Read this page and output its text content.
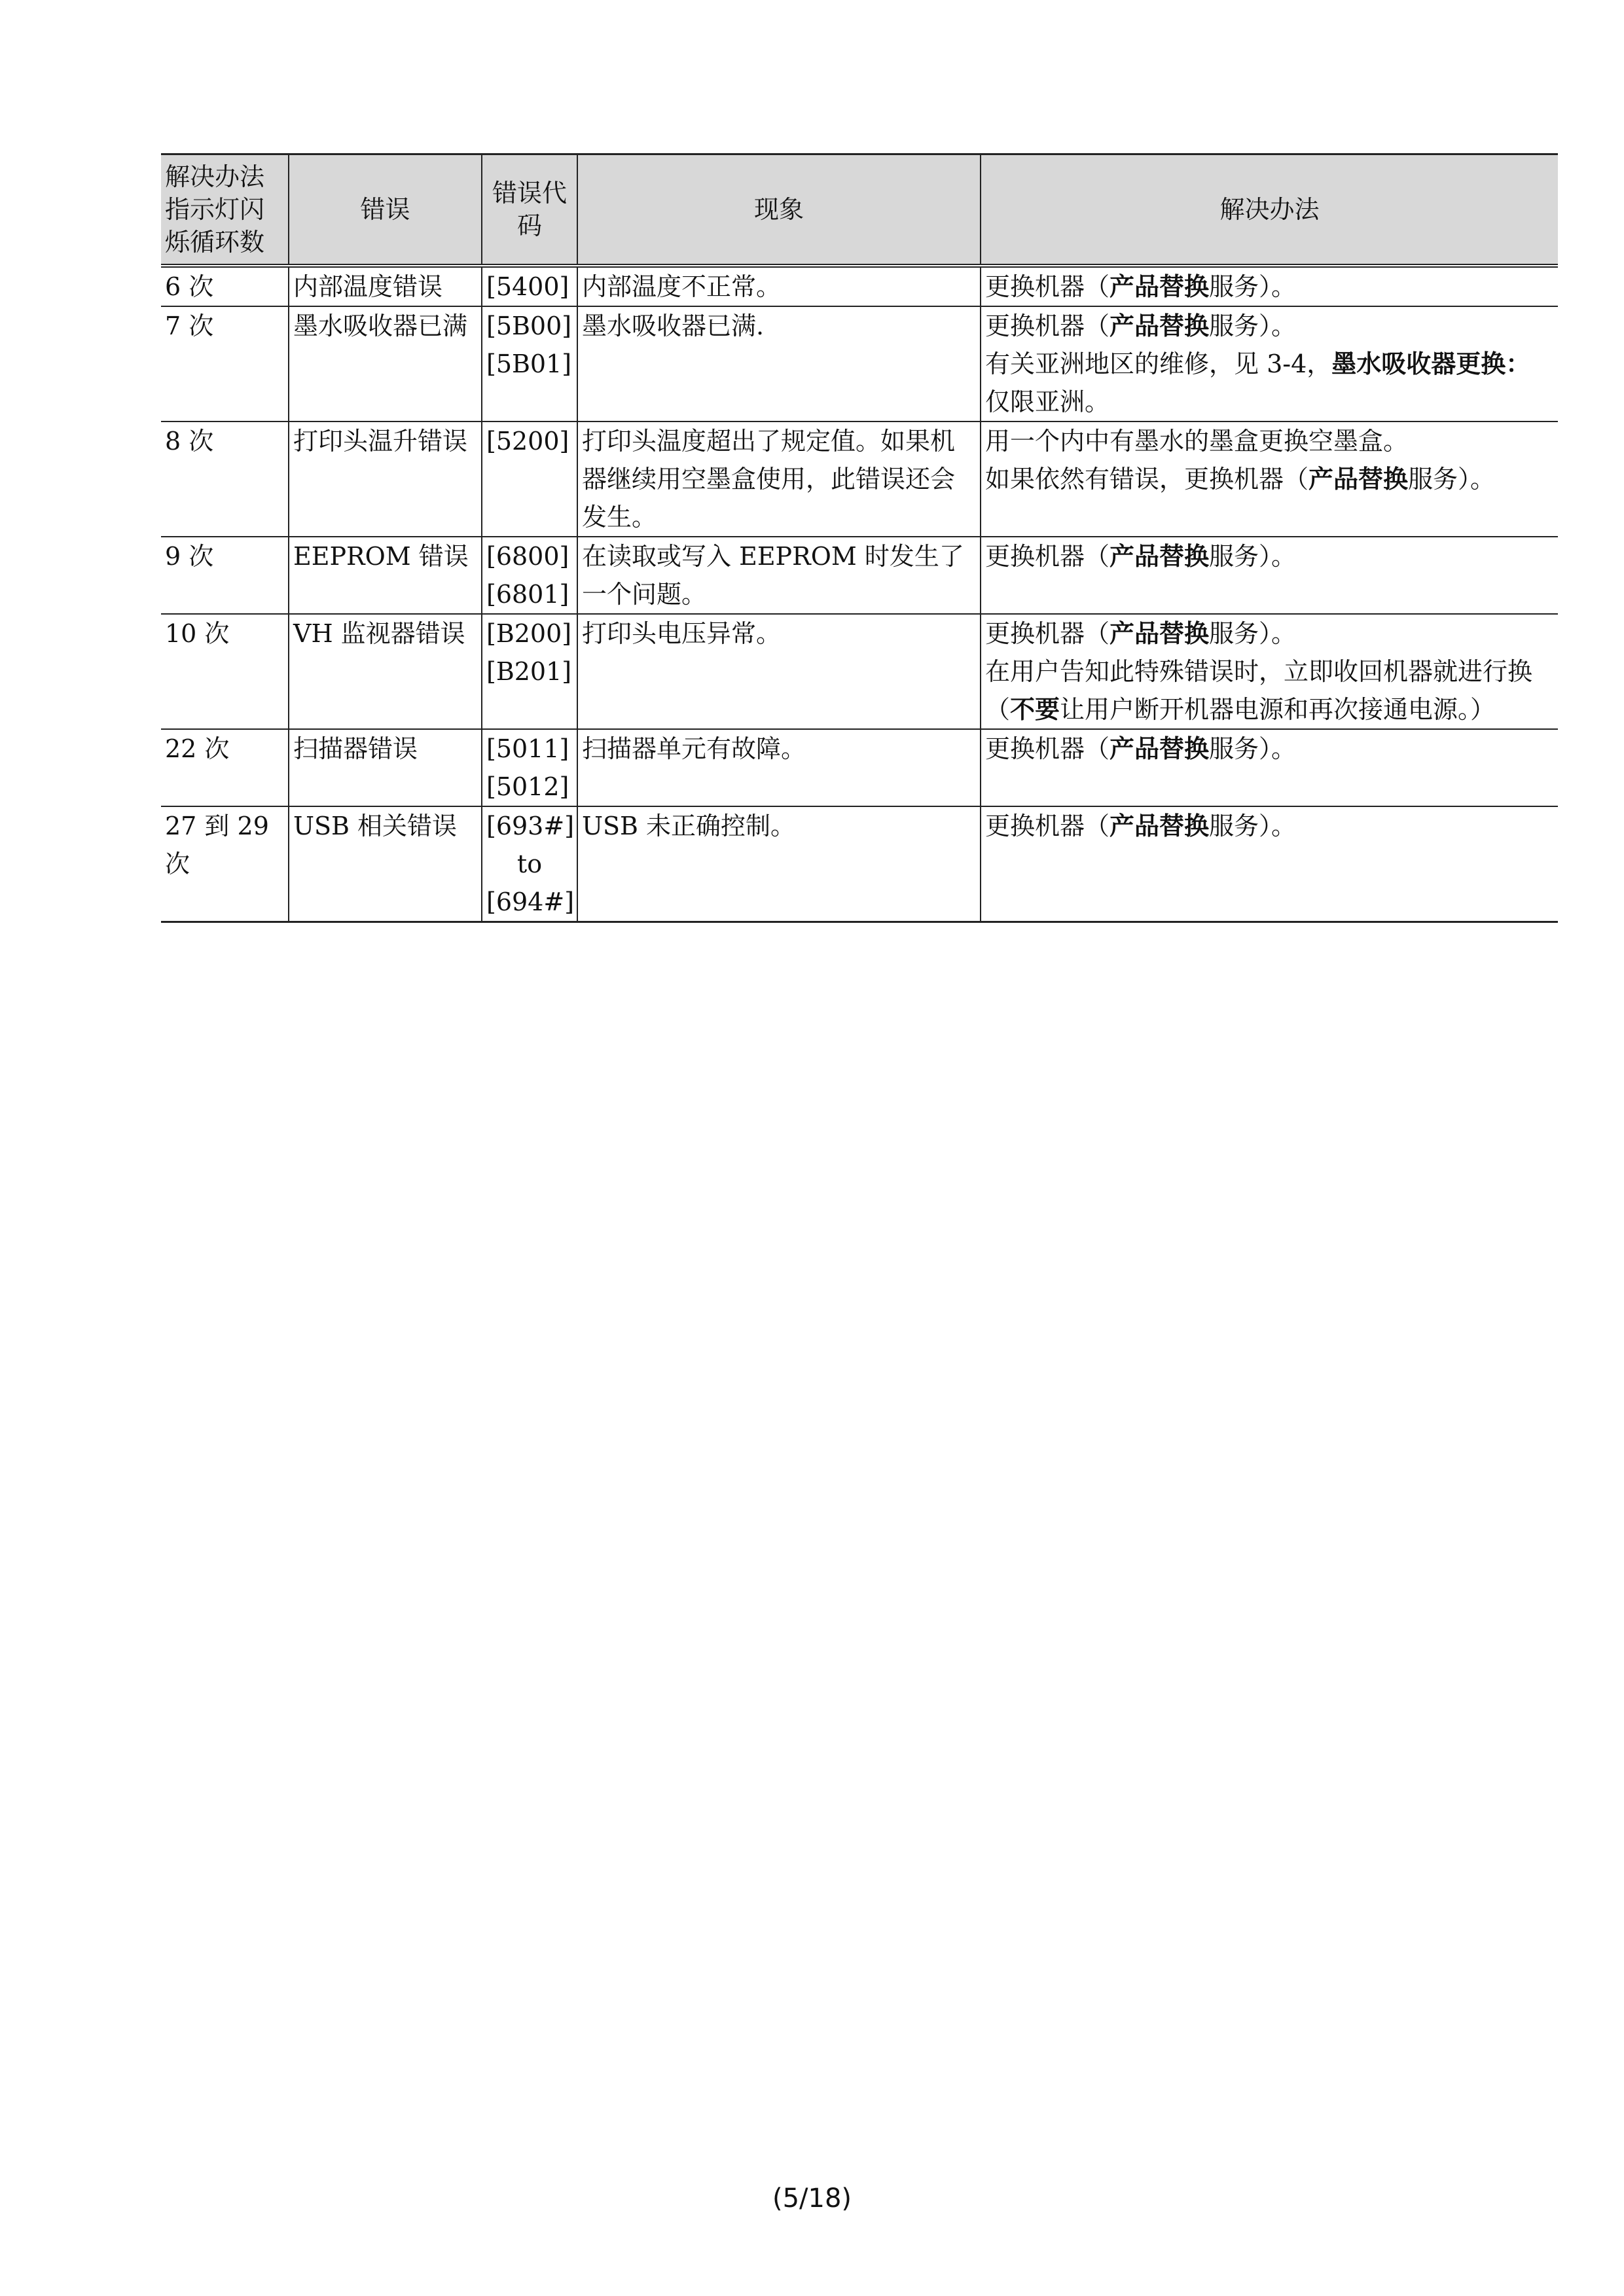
解决办法
指示灯闪
烁循环数	错误	错误代
码	现象	解决办法
6 次	内部温度错误	[5400]	内部温度不正常。	更换机器（产品替换服务）。

7 次	墨水吸收器已满	[5B00]
[5B01]	墨水吸收器已满.	更换机器（产品替换服务）。
有关亚洲地区的维修，见 3-4，墨水吸收器更换：仅限亚洲。

8 次	打印头温升错误	[5200]	打印头温度超出了规定值。如果机器继续用空墨盒使用，此错误还会发生。	用一个内中有墨水的墨盒更换空墨盒。
如果依然有错误，更换机器（产品替换服务）。

9 次	EEPROM 错误	[6800]
[6801]	在读取或写入 EEPROM 时发生了一个问题。	更换机器（产品替换服务）。

10 次	VH 监视器错误	[B200]
[B201]	打印头电压异常。	更换机器（产品替换服务）。
在用户告知此特殊错误时，立即收回机器就进行换（不要让用户断开机器电源和再次接通电源。）

22 次	扫描器错误	[5011]
[5012]	扫描器单元有故障。	更换机器（产品替换服务）。

27 到 29 次	USB 相关错误	[693#]
to
[694#]	USB 未正确控制。	更换机器（产品替换服务）。
(5/18)
